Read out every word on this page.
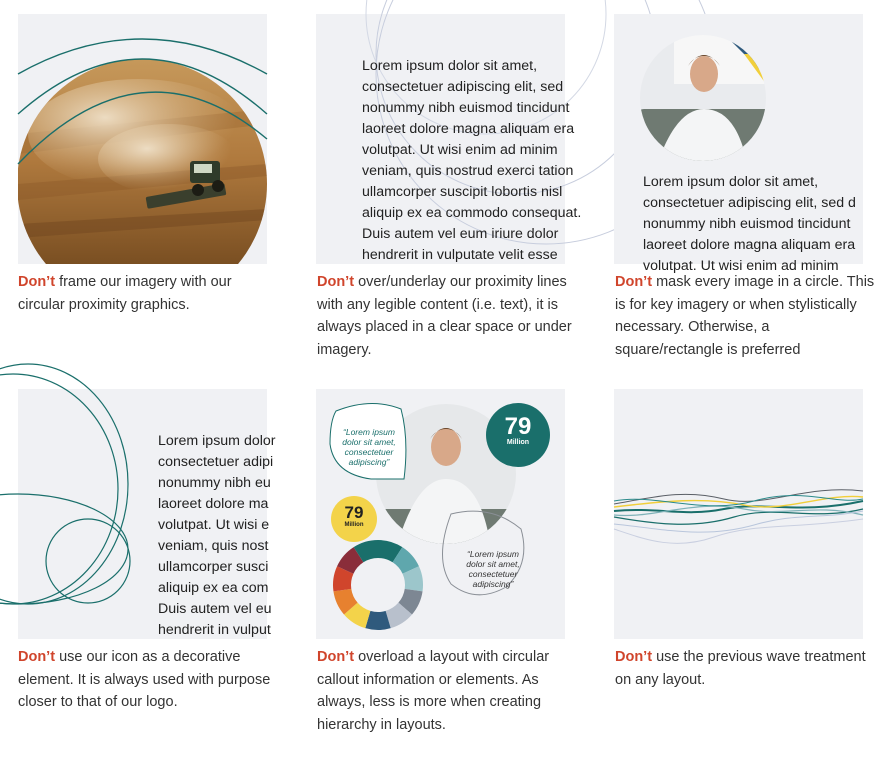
Don’t frame our imagery with our circular proximity graphics.
Lorem ipsum dolor sit amet,
consectetuer adipiscing elit, sed
nonummy nibh euismod tincidunt
laoreet dolore magna aliquam era
volutpat. Ut wisi enim ad minim
veniam, quis nostrud exerci tation
ullamcorper suscipit lobortis nisl
aliquip ex ea commodo consequat.
Duis autem vel eum iriure dolor
hendrerit in vulputate velit esse
Don’t over/underlay our proximity lines with any legible content (i.e. text), it is always placed in a clear space or under imagery.
Lorem ipsum dolor sit amet,
consectetuer adipiscing elit, sed d
nonummy nibh euismod tincidunt
laoreet dolore magna aliquam era
volutpat. Ut wisi enim ad minim
Don’t mask every image in a circle. This is for key imagery or when stylistically necessary. Otherwise, a square/rectangle is preferred
Lorem ipsum dolor
consectetuer adipi
nonummy nibh eu
laoreet dolore ma
volutpat. Ut wisi e
veniam, quis nost
ullamcorper susci
aliquip ex ea com
Duis autem vel eu
hendrerit in vulput
Don’t use our icon as a decorative element. It is always used with purpose closer to that of our logo.
“Lorem ipsum dolor sit amet, consectetuer adipiscing”
“Lorem ipsum dolor sit amet, consectetuer adipiscing”
79
Million
79
Million
Don’t overload a layout with circular callout information or elements. As always, less is more when creating hierarchy in layouts.
Don’t use the previous wave treatment on any layout.
